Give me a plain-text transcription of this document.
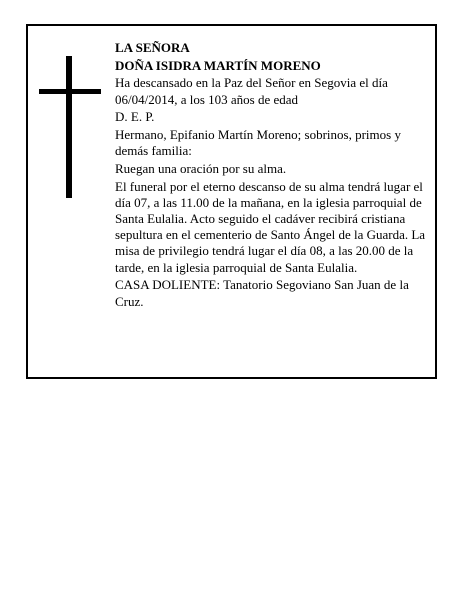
LA SEÑORA

DOÑA ISIDRA MARTÍN MORENO

Ha descansado en la Paz del Señor en Segovia el día 06/04/2014, a los 103 años de edad

D. E. P.

Hermano, Epifanio Martín Moreno; sobrinos, primos y demás familia:

Ruegan una oración por su alma.

El funeral por el eterno descanso de su alma tendrá lugar el día 07, a las 11.00 de la mañana, en la iglesia parroquial de Santa Eulalia. Acto seguido el cadáver recibirá cristiana sepultura en el cementerio de Santo Ángel de la Guarda. La misa de privilegio tendrá lugar el día 08, a las 20.00 de la tarde, en la iglesia parroquial de Santa Eulalia.

CASA DOLIENTE: Tanatorio Segoviano San Juan de la Cruz.
